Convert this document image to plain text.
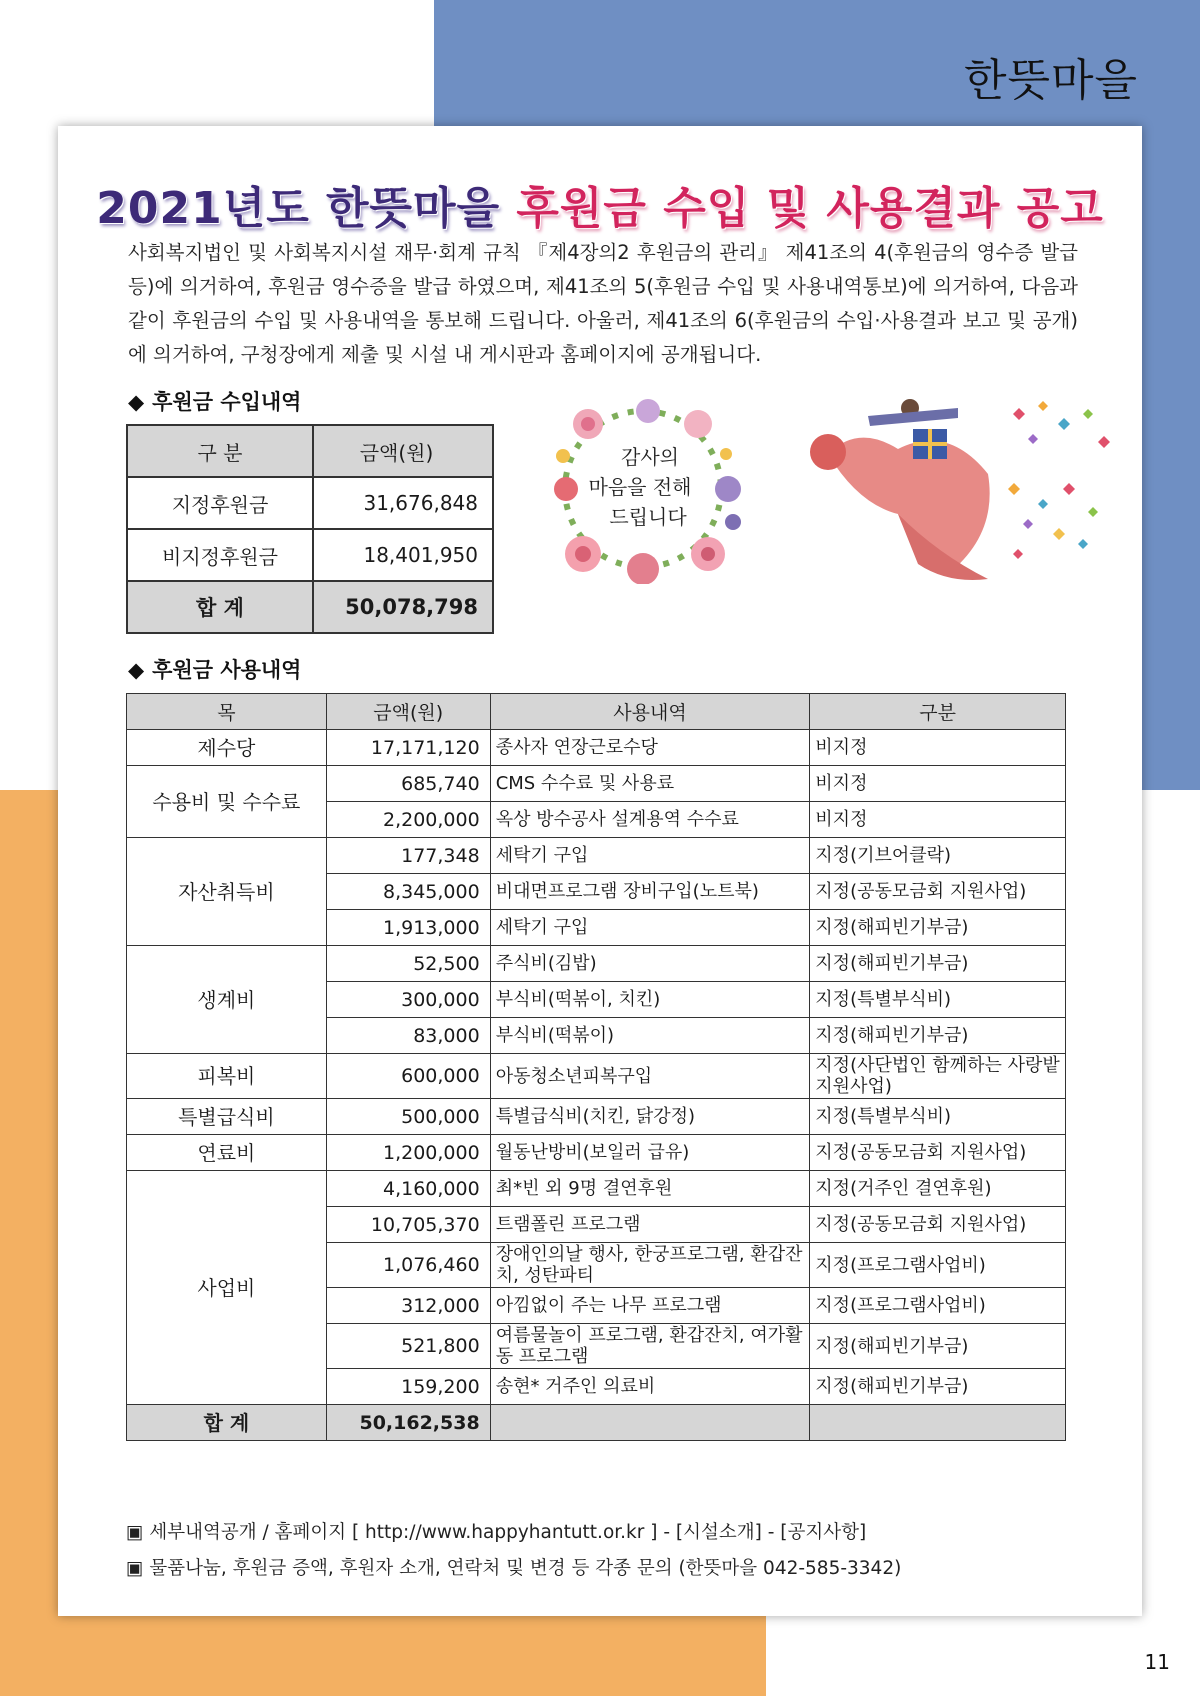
한뜻마을
2021년도 한뜻마을 후원금 수입 및 사용결과 공고
사회복지법인 및 사회복지시설 재무·회계 규칙 『제4장의2 후원금의 관리』 제41조의 4(후원금의 영수증 발급 등)에 의거하여, 후원금 영수증을 발급 하였으며, 제41조의 5(후원금 수입 및 사용내역통보)에 의거하여, 다음과 같이 후원금의 수입 및 사용내역을 통보해 드립니다. 아울러, 제41조의 6(후원금의 수입·사용결과 보고 및 공개)에 의거하여, 구청장에게 제출 및 시설 내 게시판과 홈페이지에 공개됩니다.
◆ 후원금 수입내역
구 분	금액(원)
지정후원금	31,676,848
비지정후원금	18,401,950
합 계	50,078,798
감사의
마음을 전해
드립니다
◆ 후원금 사용내역
목	금액(원)	사용내역	구분
제수당	17,171,120	종사자 연장근로수당	비지정
수용비 및 수수료	685,740	CMS 수수료 및 사용료	비지정
	2,200,000	옥상 방수공사 설계용역 수수료	비지정
자산취득비	177,348	세탁기 구입	지정(기브어클락)
	8,345,000	비대면프로그램 장비구입(노트북)	지정(공동모금회 지원사업)
	1,913,000	세탁기 구입	지정(해피빈기부금)
생계비	52,500	주식비(김밥)	지정(해피빈기부금)
	300,000	부식비(떡볶이, 치킨)	지정(특별부식비)
	83,000	부식비(떡볶이)	지정(해피빈기부금)
피복비	600,000	아동청소년피복구입	지정(사단법인 함께하는 사랑밭 지원사업)
특별급식비	500,000	특별급식비(치킨, 닭강정)	지정(특별부식비)
연료비	1,200,000	월동난방비(보일러 급유)	지정(공동모금회 지원사업)
사업비	4,160,000	최*빈 외 9명 결연후원	지정(거주인 결연후원)
	10,705,370	트램폴린 프로그램	지정(공동모금회 지원사업)
	1,076,460	장애인의날 행사, 한궁프로그램, 환갑잔치, 성탄파티	지정(프로그램사업비)
	312,000	아낌없이 주는 나무 프로그램	지정(프로그램사업비)
	521,800	여름물놀이 프로그램, 환갑잔치, 여가활동 프로그램	지정(해피빈기부금)
	159,200	송현* 거주인 의료비	지정(해피빈기부금)
합 계	50,162,538		
▣ 세부내역공개 / 홈페이지 [ http://www.happyhantutt.or.kr ] - [시설소개] - [공지사항]
▣ 물품나눔, 후원금 증액, 후원자 소개, 연락처 및 변경 등 각종 문의 (한뜻마을 042-585-3342)
11
